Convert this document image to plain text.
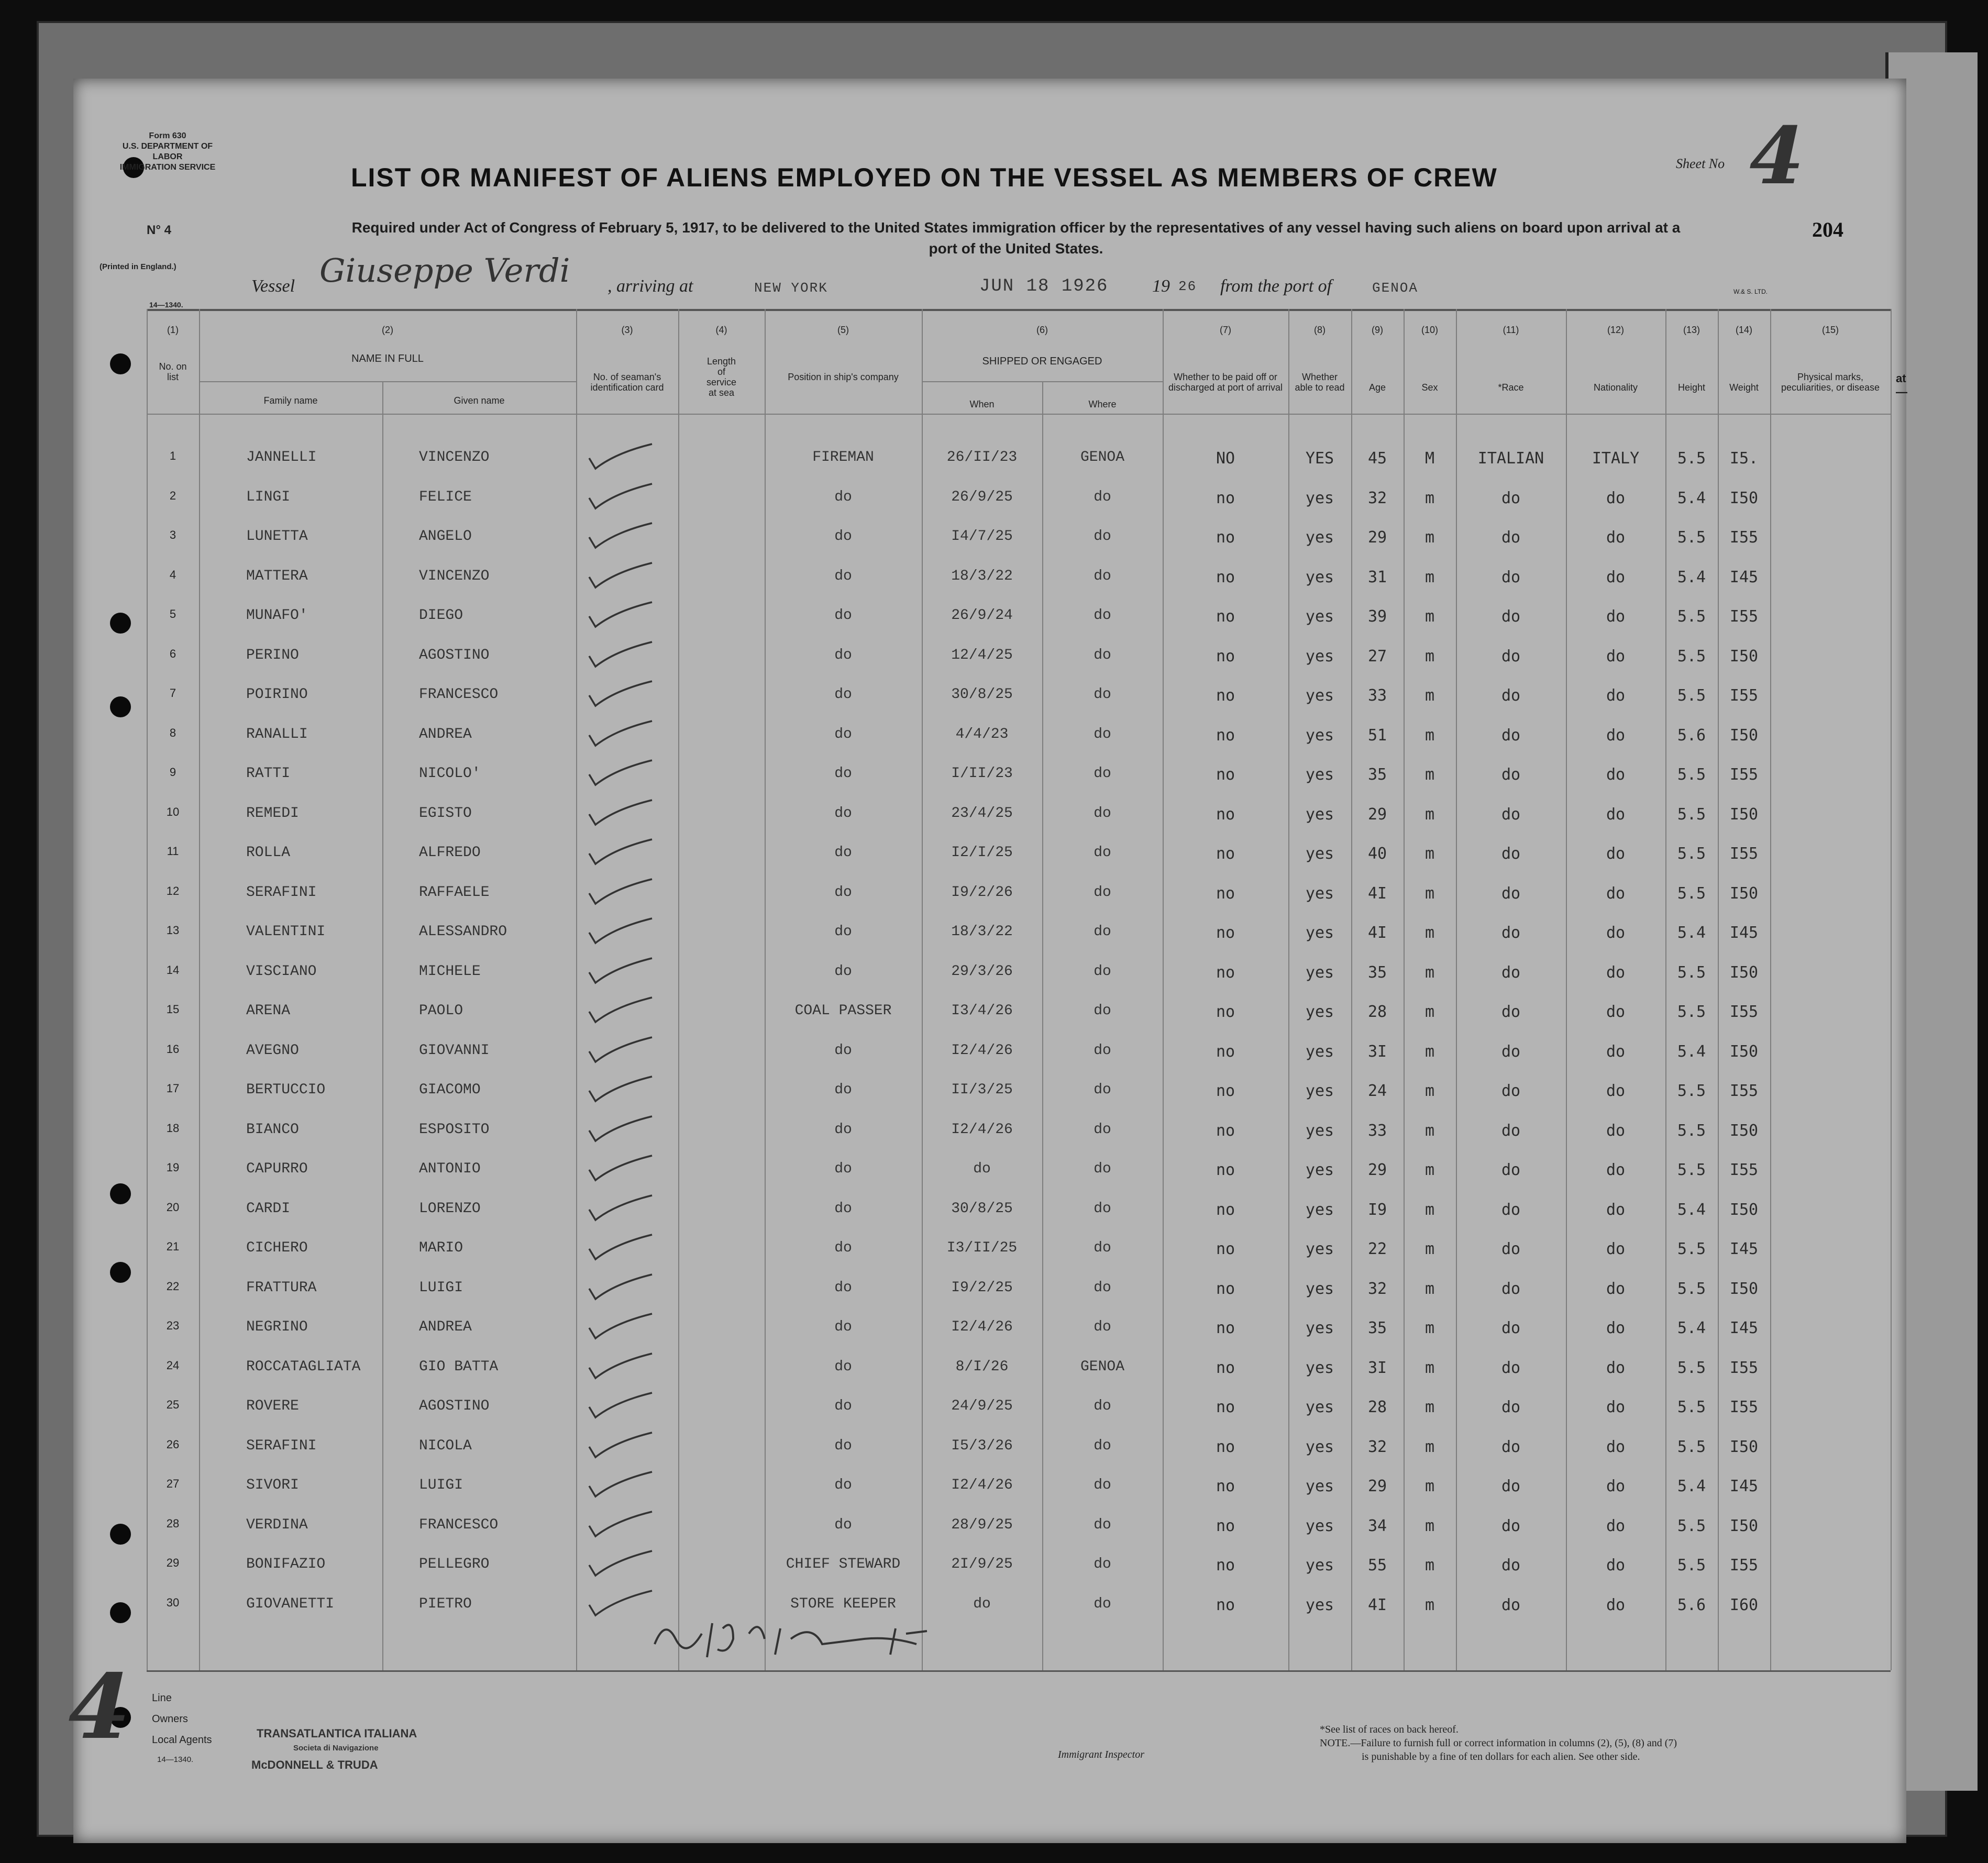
Form 630
U.S. DEPARTMENT OF LABOR
IMMIGRATION SERVICE
N° 4
(Printed in England.)
14—1340.
LIST OR MANIFEST OF ALIENS EMPLOYED ON THE VESSEL AS MEMBERS OF CREW
Required under Act of Congress of February 5, 1917, to be delivered to the United States immigration officer by the representatives of any vessel having such aliens on board upon arrival at a
port of the United States.
Sheet No 4
204
Vessel Giuseppe Verdi , arriving at	NEW YORK	JUN 18 1926 19 26 from the port of	GENOA	W.& S. LTD.
at—
(1)	(2)	(3)	(4)	(5)	(6)	(7)	(8)	(9)	(10)	(11)	(12)	(13)	(14)	(15)
No. on list
NAME IN FULL
Family name	Given name
No. of seaman's identification card
Length of service at sea
Position in ship's company
SHIPPED OR ENGAGED
When	Where
Whether to be paid off or discharged at port of arrival
Whether able to read	Age	Sex	*Race	Nationality	Height	Weight
Physical marks, peculiarities, or disease
1	JANNELLI	VINCENZO	FIREMAN	26/II/23	GENOA	NO	YES	45	M	ITALIAN	ITALY	5.5	I5.
2	LINGI	FELICE	do	26/9/25	do	no	yes	32	m	do	do	5.4	I50
3	LUNETTA	ANGELO	do	I4/7/25	do	no	yes	29	m	do	do	5.5	I55
4	MATTERA	VINCENZO	do	18/3/22	do	no	yes	31	m	do	do	5.4	I45
5	MUNAFO'	DIEGO	do	26/9/24	do	no	yes	39	m	do	do	5.5	I55
6	PERINO	AGOSTINO	do	12/4/25	do	no	yes	27	m	do	do	5.5	I50
7	POIRINO	FRANCESCO	do	30/8/25	do	no	yes	33	m	do	do	5.5	I55
8	RANALLI	ANDREA	do	4/4/23	do	no	yes	51	m	do	do	5.6	I50
9	RATTI	NICOLO'	do	I/II/23	do	no	yes	35	m	do	do	5.5	I55
10	REMEDI	EGISTO	do	23/4/25	do	no	yes	29	m	do	do	5.5	I50
11	ROLLA	ALFREDO	do	I2/I/25	do	no	yes	40	m	do	do	5.5	I55
12	SERAFINI	RAFFAELE	do	I9/2/26	do	no	yes	4I	m	do	do	5.5	I50
13	VALENTINI	ALESSANDRO	do	18/3/22	do	no	yes	4I	m	do	do	5.4	I45
14	VISCIANO	MICHELE	do	29/3/26	do	no	yes	35	m	do	do	5.5	I50
15	ARENA	PAOLO	COAL PASSER	I3/4/26	do	no	yes	28	m	do	do	5.5	I55
16	AVEGNO	GIOVANNI	do	I2/4/26	do	no	yes	3I	m	do	do	5.4	I50
17	BERTUCCIO	GIACOMO	do	II/3/25	do	no	yes	24	m	do	do	5.5	I55
18	BIANCO	ESPOSITO	do	I2/4/26	do	no	yes	33	m	do	do	5.5	I50
19	CAPURRO	ANTONIO	do	do	do	no	yes	29	m	do	do	5.5	I55
20	CARDI	LORENZO	do	30/8/25	do	no	yes	I9	m	do	do	5.4	I50
21	CICHERO	MARIO	do	I3/II/25	do	no	yes	22	m	do	do	5.5	I45
22	FRATTURA	LUIGI	do	I9/2/25	do	no	yes	32	m	do	do	5.5	I50
23	NEGRINO	ANDREA	do	I2/4/26	do	no	yes	35	m	do	do	5.4	I45
24	ROCCATAGLIATA	GIO BATTA	do	8/I/26	GENOA	no	yes	3I	m	do	do	5.5	I55
25	ROVERE	AGOSTINO	do	24/9/25	do	no	yes	28	m	do	do	5.5	I55
26	SERAFINI	NICOLA	do	I5/3/26	do	no	yes	32	m	do	do	5.5	I50
27	SIVORI	LUIGI	do	I2/4/26	do	no	yes	29	m	do	do	5.4	I45
28	VERDINA	FRANCESCO	do	28/9/25	do	no	yes	34	m	do	do	5.5	I50
29	BONIFAZIO	PELLEGRO	CHIEF STEWARD	2I/9/25	do	no	yes	55	m	do	do	5.5	I55
30	GIOVANETTI	PIETRO	STORE KEEPER	do	do	no	yes	4I	m	do	do	5.6	I60
4 Line
Owners
Local Agents
14—1340.
TRANSATLANTICA ITALIANA
Societa di Navigazione
McDONNELL & TRUDA
Immigrant Inspector
*See list of races on back hereof.
NOTE.—Failure to furnish full or correct information in columns (2), (5), (8) and (7)
is punishable by a fine of ten dollars for each alien. See other side.
